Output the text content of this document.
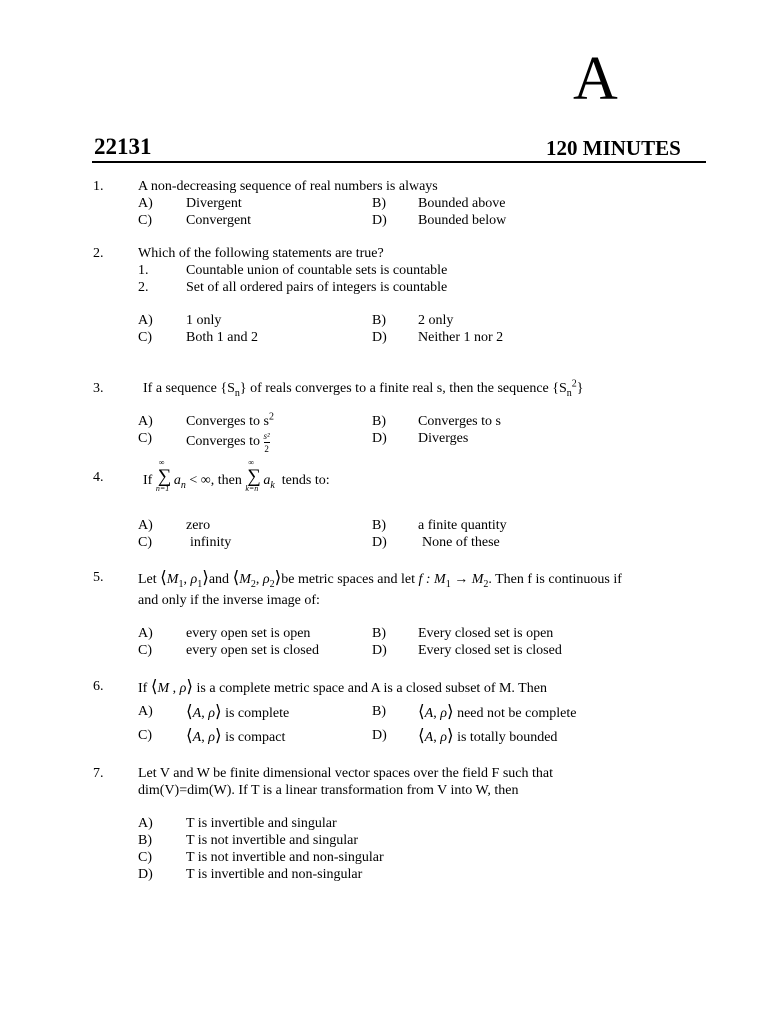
A
22131	120 MINUTES
1. A non-decreasing sequence of real numbers is always
A) Divergent	B) Bounded above
C) Convergent	D) Bounded below
2. Which of the following statements are true?
1.	Countable union of countable sets is countable
2.	Set of all ordered pairs of integers is countable
A) 1 only	B) 2 only
C) Both 1 and 2	D) Neither 1 nor 2
3.	If a sequence $\{S_n\}$ of reals converges to a finite real s, then the sequence $\{S_n^2\}$
A) Converges to $s^2$	B) Converges to s
C) Converges to $\frac{\text{s²}}{2}$	D) Diverges
4.	If
∞
∑
n=1
$a_n$ < ∞, then
∞
∑
k=n
$a_k$ tends to:
A) zero	B) a finite quantity
C)	infinity	D)	None of these
5. Let $⟨M_1$, $\rho_1⟩and$ $⟨M_2$, $\rho_2⟩be$ metric spaces and let f : $M_1 \to M_2$. Then f is continuous if
and only if the inverse image of:
A) every open set is open	B) Every closed set is open
C) every open set is closed	D) Every closed set is closed
6. If ⟨M , ρ⟩ is a complete metric space and A is a closed subset of M. Then
A) ⟨A, ρ⟩ is complete	B) ⟨A, ρ⟩ need not be complete
C) ⟨A, ρ⟩ is compact	D) ⟨A, ρ⟩ is totally bounded
7. Let V and W be finite dimensional vector spaces over the field F such that
dim(V)=dim(W). If T is a linear transformation from V into W, then
A) T is invertible and singular
B) T is not invertible and singular
C) T is not invertible and non-singular
D) T is invertible and non-singular
